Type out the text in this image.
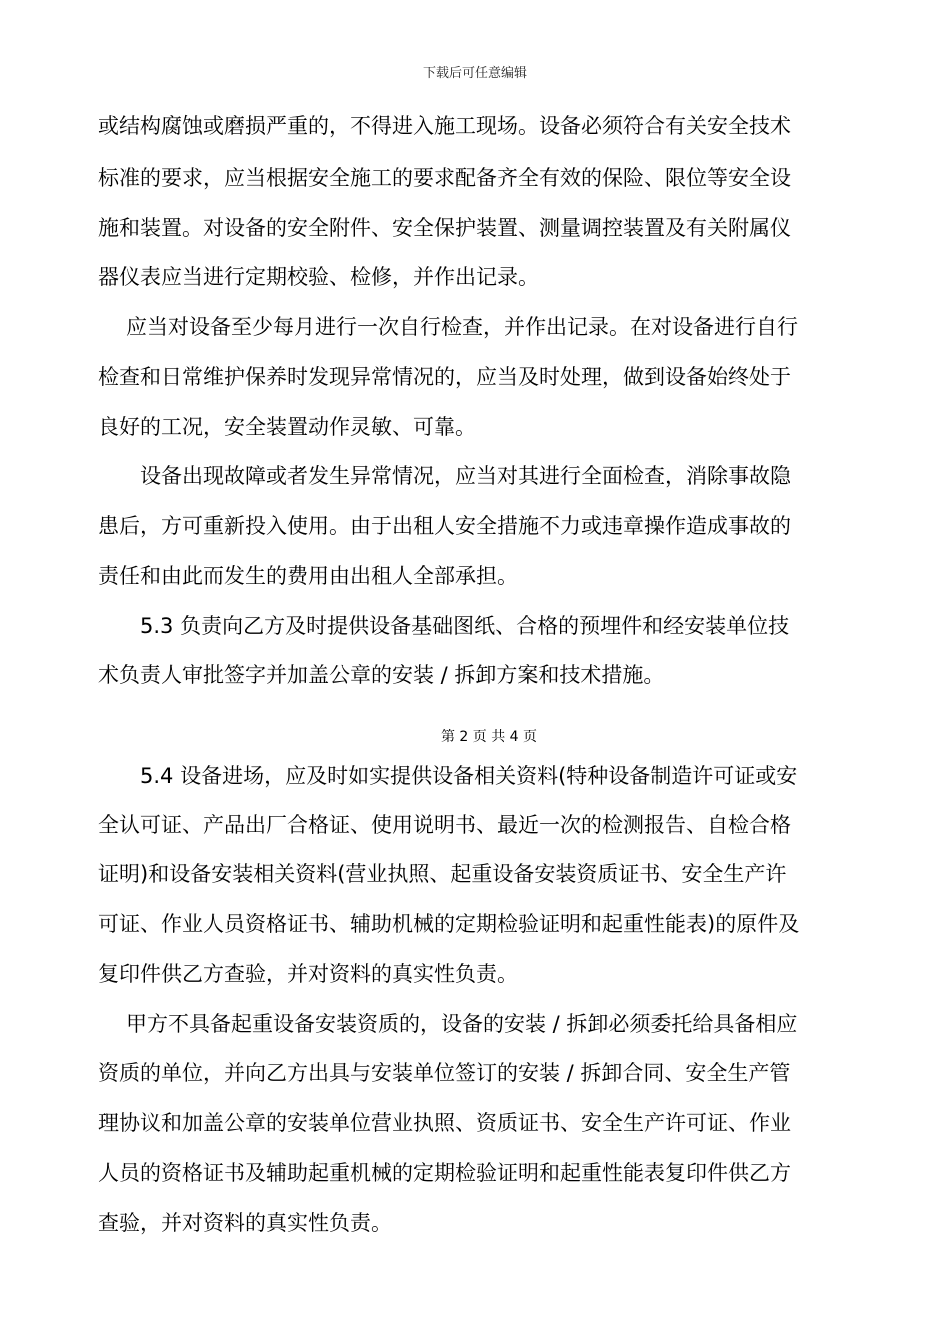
下载后可任意编辑
或结构腐蚀或磨损严重的，不得进入施工现场。设备必须符合有关安全技术
标准的要求，应当根据安全施工的要求配备齐全有效的保险、限位等安全设
施和装置。对设备的安全附件、安全保护装置、测量调控装置及有关附属仪
器仪表应当进行定期校验、检修，并作出记录。
应当对设备至少每月进行一次自行检查，并作出记录。在对设备进行自行
检查和日常维护保养时发现异常情况的，应当及时处理，做到设备始终处于
良好的工况，安全装置动作灵敏、可靠。
设备出现故障或者发生异常情况，应当对其进行全面检查，消除事故隐
患后，方可重新投入使用。由于出租人安全措施不力或违章操作造成事故的
责任和由此而发生的费用由出租人全部承担。
5.3 负责向乙方及时提供设备基础图纸、合格的预埋件和经安装单位技
术负责人审批签字并加盖公章的安装 / 拆卸方案和技术措施。
第 2 页 共 4 页
5.4 设备进场，应及时如实提供设备相关资料(特种设备制造许可证或安
全认可证、产品出厂合格证、使用说明书、最近一次的检测报告、自检合格
证明)和设备安装相关资料(营业执照、起重设备安装资质证书、安全生产许
可证、作业人员资格证书、辅助机械的定期检验证明和起重性能表)的原件及
复印件供乙方查验，并对资料的真实性负责。
甲方不具备起重设备安装资质的，设备的安装 / 拆卸必须委托给具备相应
资质的单位，并向乙方出具与安装单位签订的安装 / 拆卸合同、安全生产管
理协议和加盖公章的安装单位营业执照、资质证书、安全生产许可证、作业
人员的资格证书及辅助起重机械的定期检验证明和起重性能表复印件供乙方
查验，并对资料的真实性负责。
